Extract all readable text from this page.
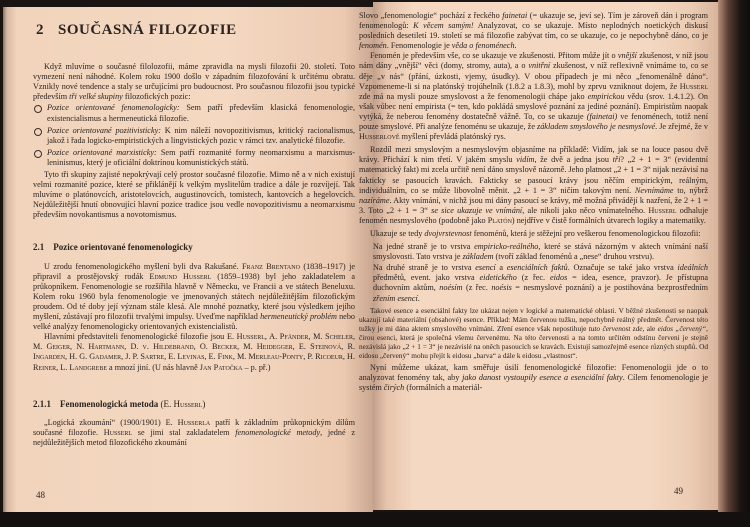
2 SOUČASNÁ FILOZOFIE

Když mluvíme o současné filolozofii, máme zpravidla na mysli filozofii 20. století. Toto vymezení není náhodné. Kolem roku 1900 došlo v západním filozofování k určitému obratu. Vznikly nové tendence a staly se určujícími pro budoucnost. Pro současnou filozofii jsou typické především tři velké skupiny filozofických pozic:

Pozice orientované fenomenologicky: Sem patří především klasická fenomenologie, existencialismus a hermeneutická filozofie.
Pozice orientované pozitivisticky: K nim náleží novopozitivismus, kritický racionalismus, jakož i řada logicko-empiristických a lingvistických pozic v rámci tzv. analytické filozofie.
Pozice orientované marxisticky: Sem patří rozmanité formy neomarxismu a marxismus-leninismus, který je oficiální doktrínou komunistických států.

Tyto tři skupiny zajisté nepokrývají celý prostor současné filozofie. Mimo ně a v nich existují velmi rozmanité pozice, které se přiklánějí k velkým myslitelům tradice a dále je rozvíjejí. Tak mluvíme o platónovcích, aristotelovcích, augustinovcích, tomistech, kantovcích a hegelovcích. Nejdůležitější hnutí obnovující hlavní pozice tradice jsou vedle novopozitivismu a neomarxismu především novokantismus a novotomismus.

2.1 Pozice orientované fenomenologicky

U zrodu fenomenologického myšlení byli dva Rakušané. Franz Brentano (1838–1917) je připravil a prostějovský rodák Edmund Husserl (1859–1938) byl jeho zakladatelem a průkopníkem. Fenomenologie se rozšířila hlavně v Německu, ve Francii a ve státech Beneluxu. Kolem roku 1960 byla fenomenologie ve jmenovaných státech nejdůležitějším filozofickým proudem. Od té doby její význam stále klesá. Ale mnohé poznatky, které jsou výsledkem jejího myšlení, zůstávají pro filozofii trvalými impulsy. Uveďme například hermeneutický problém nebo velké analýzy fenomenologicky orientovaných existencialistů.

Hlavními představiteli fenomenologické filozofie jsou E. Husserl, A. Pfänder, M. Scheler, M. Geiger, N. Hartmann, D. v. Hildebrand, O. Becker, M. Heidegger, E. Steinová, R. Ingarden, H. G. Gadamer, J. P. Sartre, E. Levinas, E. Fink, M. Merleau-Ponty, P. Ricoeur, H. Reiner, L. Landgrebe a mnozí jiní. (U nás hlavně Jan Patočka – p. př.)

2.1.1 Fenomenologická metoda (E. Husserl)

„Logická zkoumání“ (1900/1901) E. Husserla patří k základním průkopnickým dílům současné filozofie. Husserl se jimi stal zakladatelem fenomenologické metody, jedné z nejdůležitějších metod filozofického zkoumání

48

Slovo „fenomenologie“ pochází z řeckého fainetai (= ukazuje se, jeví se). Tím je zároveň dán i program fenomenologů: K věcem samým! Analyzovat, co se ukazuje. Místo neplodných noetických diskusí posledních desetiletí 19. století se má filozofie zabývat tím, co se ukazuje, co je nepochybně dáno, co je fenomén. Fenomenologie je věda o fenoménech.

Fenomén je především vše, co se ukazuje ve zkušenosti. Přitom může jít o vnější zkušenost, v níž jsou nám dány „vnější“ věci (domy, stromy, auta), a o vnitřní zkušenost, v níž reflexivně vnímáme to, co se děje „v nás“ (přání, úzkosti, vjemy, úsudky). V obou případech je mi něco „fenomenálně dáno“. Vzpomeneme-li si na platónský trojúhelník (1.8.2 a 1.8.3), mohl by zprvu vzniknout dojem, že Husserl zde má na mysli pouze smyslovost a že fenomenologii chápe jako empirickou vědu (srov. 1.4.1.2). On však vůbec není empirista (= ten, kdo pokládá smyslové poznání za jediné poznání). Empiristům naopak vytýká, že neberou fenomény dostatečně vážně. To, co se ukazuje (fainetai) ve fenoménech, totiž není pouze smyslové. Při analýze fenoménu se ukazuje, že základem smyslového je nesmyslové. Je zřejmé, že v Husserlově myšlení převládá platónský rys.

Rozdíl mezi smyslovým a nesmyslovým objasníme na příkladě: Vidím, jak se na louce pasou dvě krávy. Přichází k nim třetí. V jakém smyslu vidím, že dvě a jedna jsou tři? „2 + 1 = 3“ (evidentní matematický fakt) mi zcela určitě není dáno smyslově názorně. Jeho platnost „2 + 1 = 3“ nijak nezávisí na fakticky se pasoucích kravách. Fakticky se pasoucí krávy jsou něčím empirickým, reálným, individuálním, co se může libovolně měnit. „2 + 1 = 3“ ničím takovým není. Nevnímáme to, nýbrž nazíráme. Akty vnímání, v nichž jsou mi dány pasoucí se krávy, mě možná přivádějí k nazření, že 2 + 1 = 3. Toto „2 + 1 = 3“ se sice ukazuje ve vnímání, ale nikoli jako něco vnímatelného. Husserl odhaluje fenomén nesmyslového (podobně jako Platón) nejdříve v čistě formálních útvarech logiky a matematiky.

Ukazuje se tedy dvojvrstevnost fenoménů, která je stěžejní pro veškerou fenomenologickou filozofii:

Na jedné straně je to vrstva empiricko-reálného, které se stává názorným v aktech vnímání naší smyslovosti. Tato vrstva je základem (tvoří základ fenoménů a „nese“ druhou vrstvu).
Na druhé straně je to vrstva esencí a esenciálních faktů. Označuje se také jako vrstva ideálních předmětů, event. jako vrstva eidetického (z řec. eidos = idea, esence, pravzor). Je přístupna duchovním aktům, noésím (z řec. noésis = nesmyslové poznání) a je postihována bezprostředním zřením esencí.

Takové esence a esenciální fakty lze ukázat nejen v logické a matematické oblasti. V běžné zkušenosti se naopak ukazují také materiální (obsahové) esence. Příklad: Mám červenou tužku, nepochybně reálný předmět. Červenost této tužky je mi dána aktem smyslového vnímání. Zření esence však nepostihuje tuto červenost zde, ale eidos „červený“, čirou esenci, která je společná všemu červenému. Na této červenosti a na tomto určitém odstínu červeni je stejně nezávislá jako „2 + 1 = 3“ je nezávislé na oněch pasoucích se kravách. Existují samozřejmě esence různých stupňů. Od eidosu „červený“ mohu přejít k eidosu „barva“ a dále k eidosu „vlastnost“.

Nyní můžeme ukázat, kam směřuje úsilí fenomenologické filozofie: Fenomenologii jde o to analyzovat fenomény tak, aby jako danost vystoupily esence a esenciální fakty. Cílem fenomenologie je systém čirých (formálních a materiál-

49
